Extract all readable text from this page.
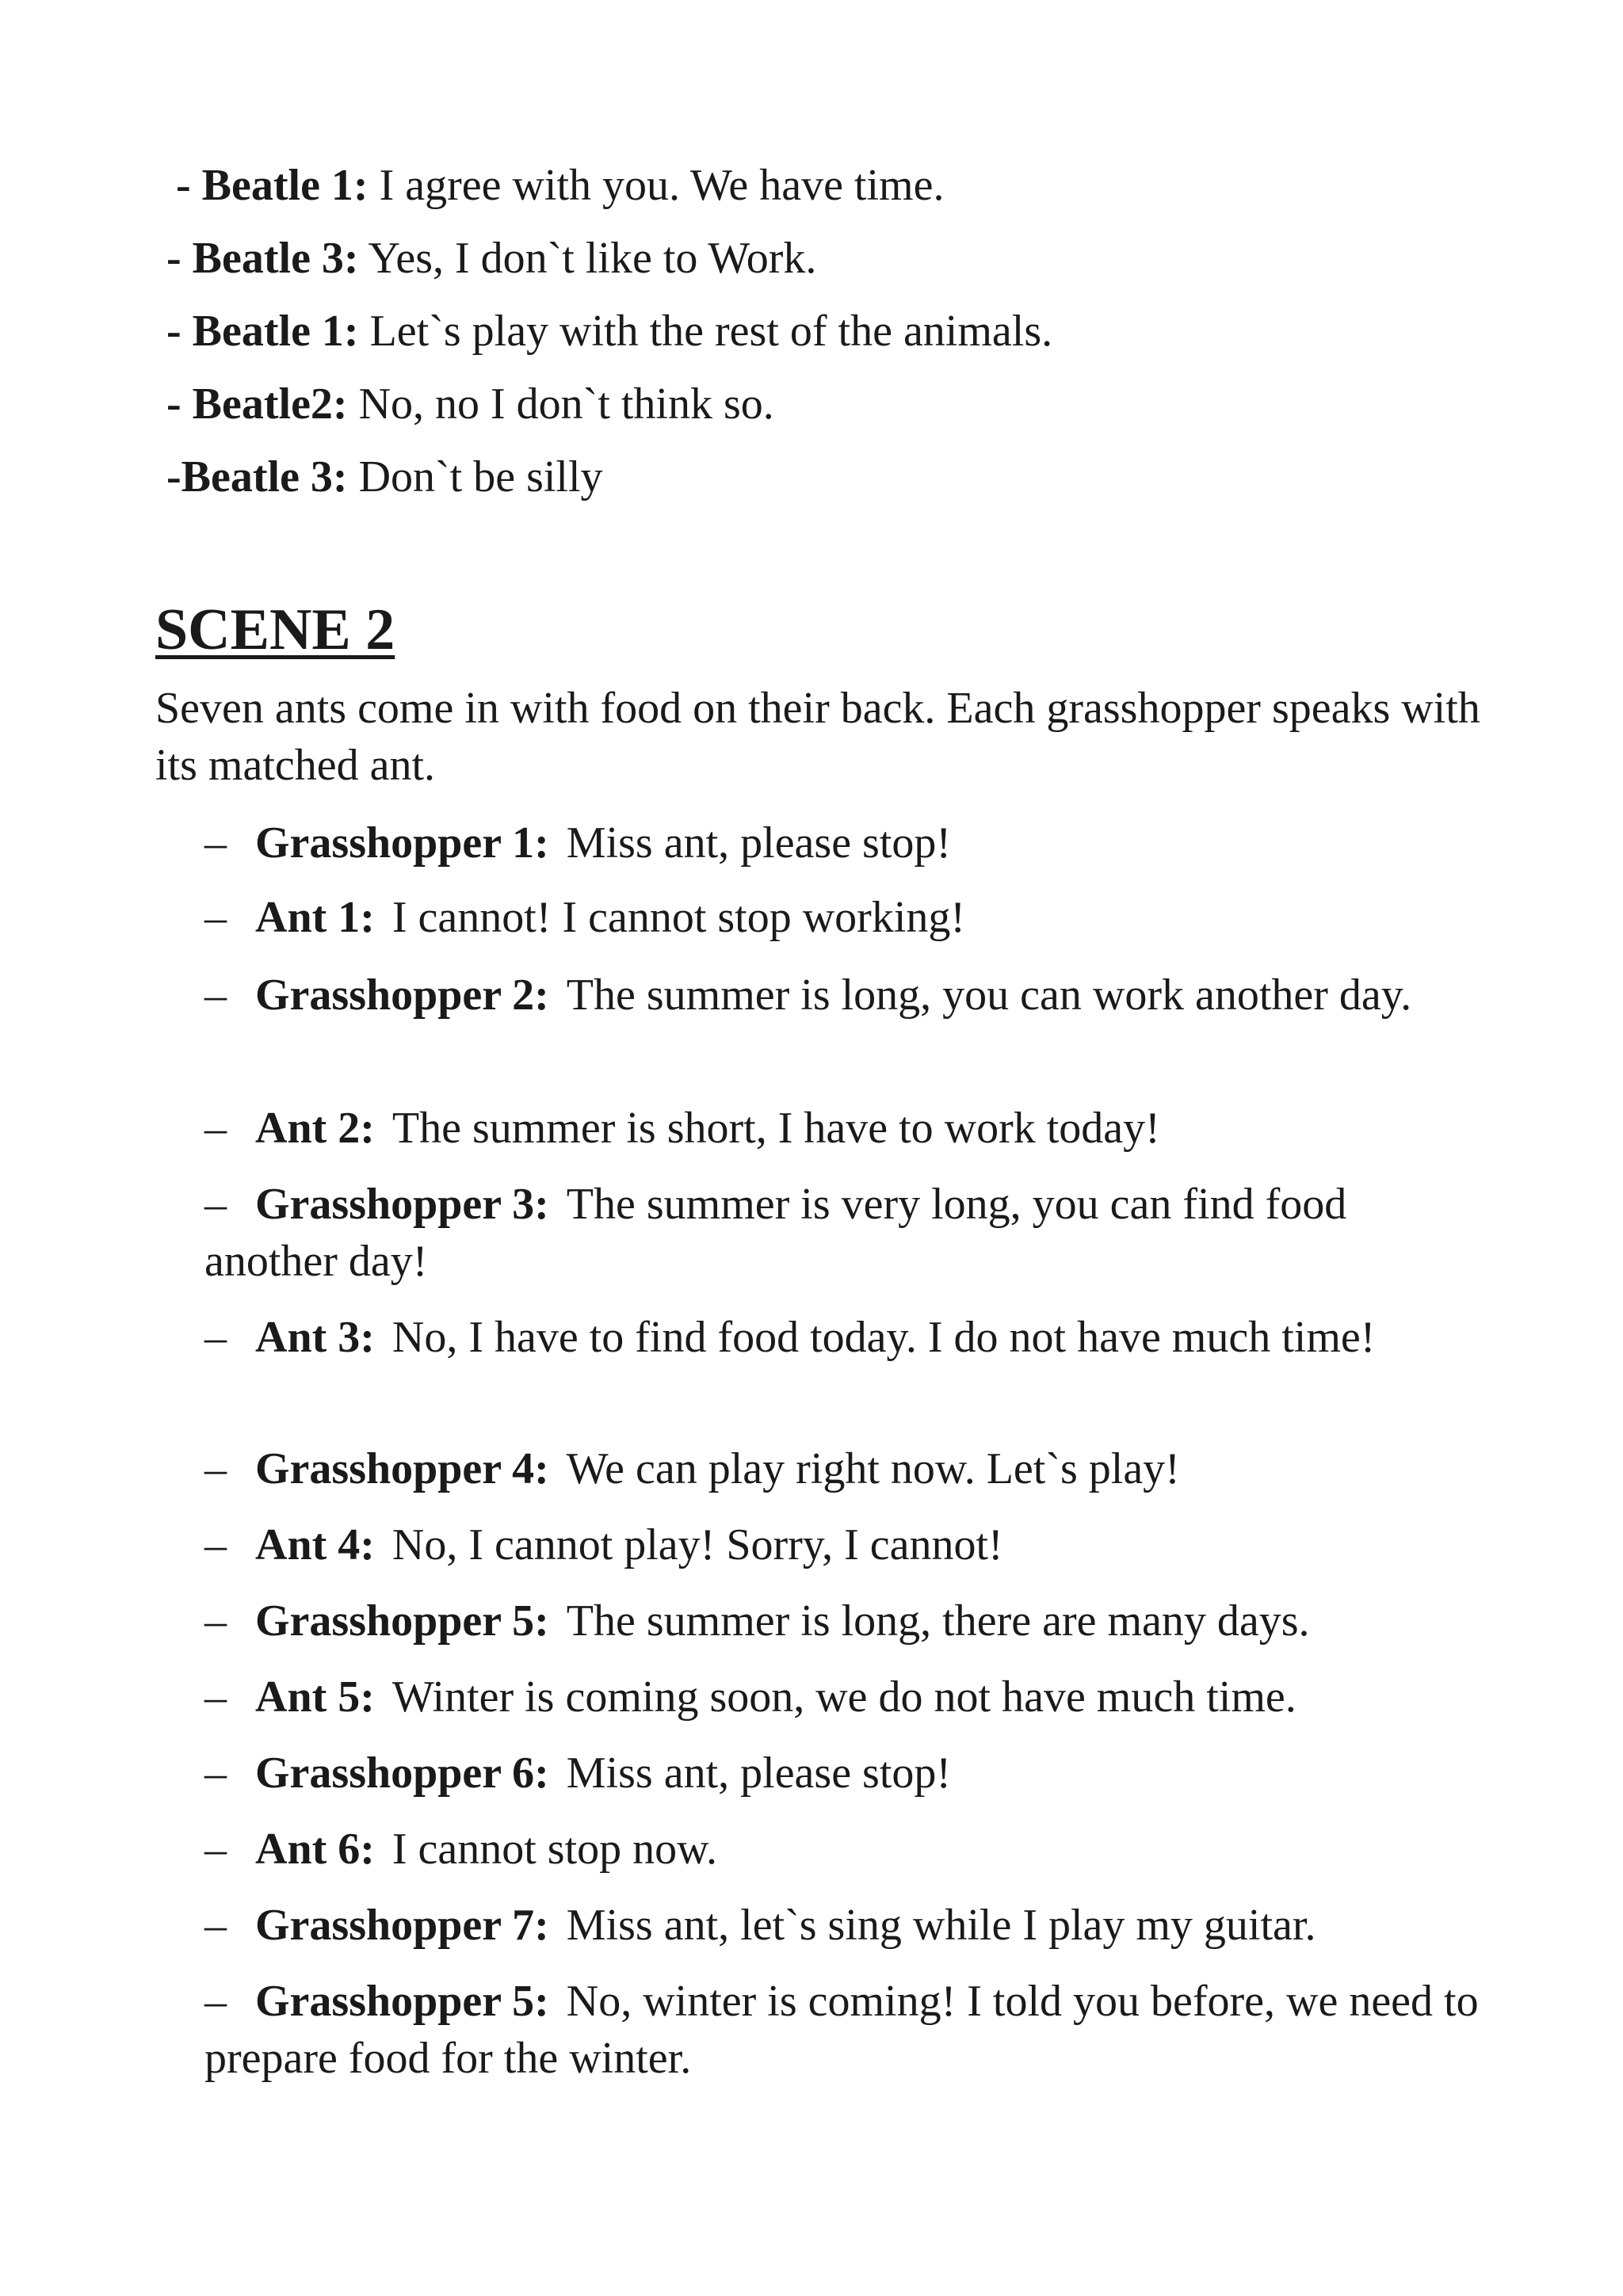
- Beatle 1: I agree with you. We have time.
- Beatle 3: Yes, I don`t like to Work.
- Beatle 1: Let`s play with the rest of the animals.
- Beatle2: No, no I don`t think so.
-Beatle 3: Don`t be silly
SCENE 2
Seven ants come in with food on their back. Each grasshopper speaks with its matched ant.
– Grasshopper 1: Miss ant, please stop!
– Ant 1: I cannot! I cannot stop working!
– Grasshopper 2: The summer is long, you can work another day.
– Ant 2: The summer is short, I have to work today!
– Grasshopper 3: The summer is very long, you can find food another day!
– Ant 3: No, I have to find food today. I do not have much time!
– Grasshopper 4: We can play right now. Let`s play!
– Ant 4: No, I cannot play! Sorry, I cannot!
– Grasshopper 5: The summer is long, there are many days.
– Ant 5: Winter is coming soon, we do not have much time.
– Grasshopper 6: Miss ant, please stop!
– Ant 6: I cannot stop now.
– Grasshopper 7: Miss ant, let`s sing while I play my guitar.
– Grasshopper 5: No, winter is coming! I told you before, we need to prepare food for the winter.
